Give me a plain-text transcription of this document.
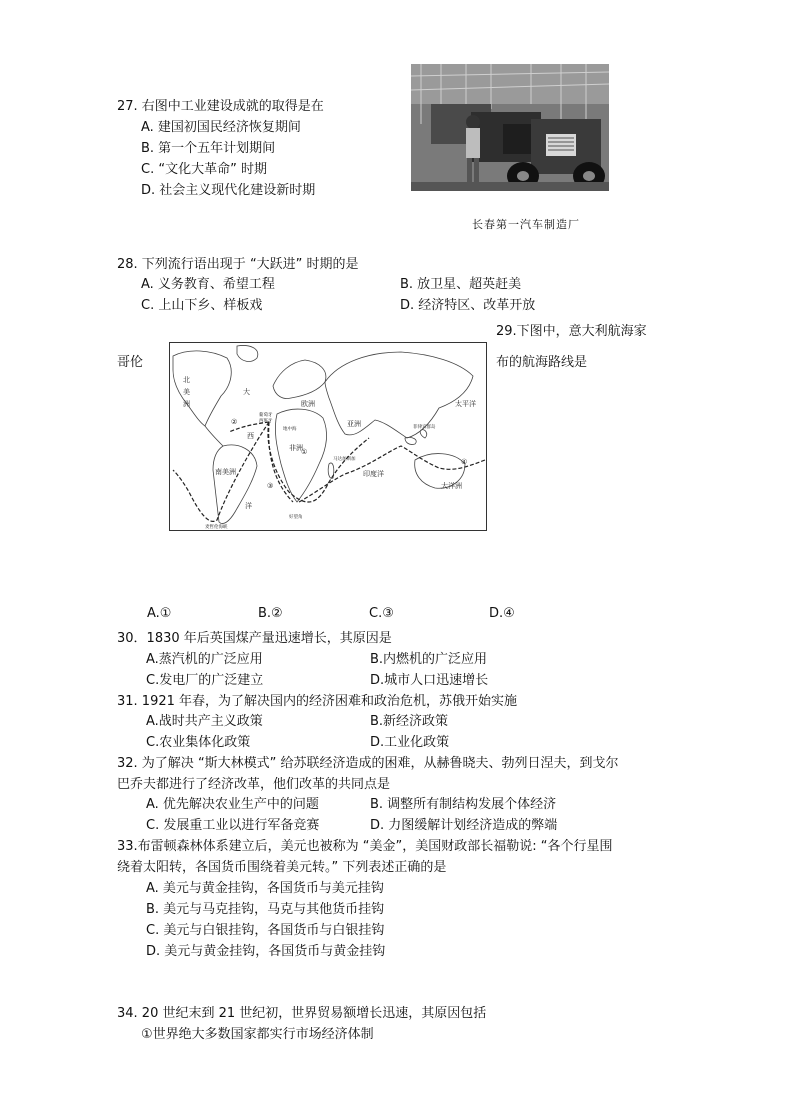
27. 右图中工业建设成就的取得是在
A. 建国初国民经济恢复期间
B. 第一个五年计划期间
C. “文化大革命” 时期
D. 社会主义现代化建设新时期
长春第一汽车制造厂
28. 下列流行语出现于 “大跃进” 时期的是
A. 义务教育、希望工程	B. 放卫星、超英赶美
C. 上山下乡、样板戏	D. 经济特区、改革开放
29.下图中，意大利航海家
哥伦	布的航海路线是
北
美
洲
大
西
洋
欧洲
亚洲
非洲
南美洲
太平洋
印度洋
大洋洲
①
②
③
④
葡萄牙
西班牙
地中海
马达加斯加
菲律宾群岛
好望角
麦哲伦海峡
A.①	B.②	C.③	D.④
30．1830 年后英国煤产量迅速增长，其原因是
A.蒸汽机的广泛应用	B.内燃机的广泛应用
C.发电厂的广泛建立	D.城市人口迅速增长
31. 1921 年春，为了解决国内的经济困难和政治危机，苏俄开始实施
A.战时共产主义政策	B.新经济政策
C.农业集体化政策	D.工业化政策
32. 为了解决 “斯大林模式” 给苏联经济造成的困难，从赫鲁晓夫、勃列日涅夫，到戈尔
巴乔夫都进行了经济改革，他们改革的共同点是
A. 优先解决农业生产中的问题	B. 调整所有制结构发展个体经济
C. 发展重工业以进行军备竞赛	D. 力图缓解计划经济造成的弊端
33.布雷顿森林体系建立后，美元也被称为 “美金”，美国财政部长福勒说: “各个行星围
绕着太阳转，各国货币围绕着美元转。” 下列表述正确的是
A. 美元与黄金挂钩，各国货币与美元挂钩
B. 美元与马克挂钩，马克与其他货币挂钩
C. 美元与白银挂钩，各国货币与白银挂钩
D. 美元与黄金挂钩，各国货币与黄金挂钩
34. 20 世纪末到 21 世纪初，世界贸易额增长迅速，其原因包括
①世界绝大多数国家都实行市场经济体制
